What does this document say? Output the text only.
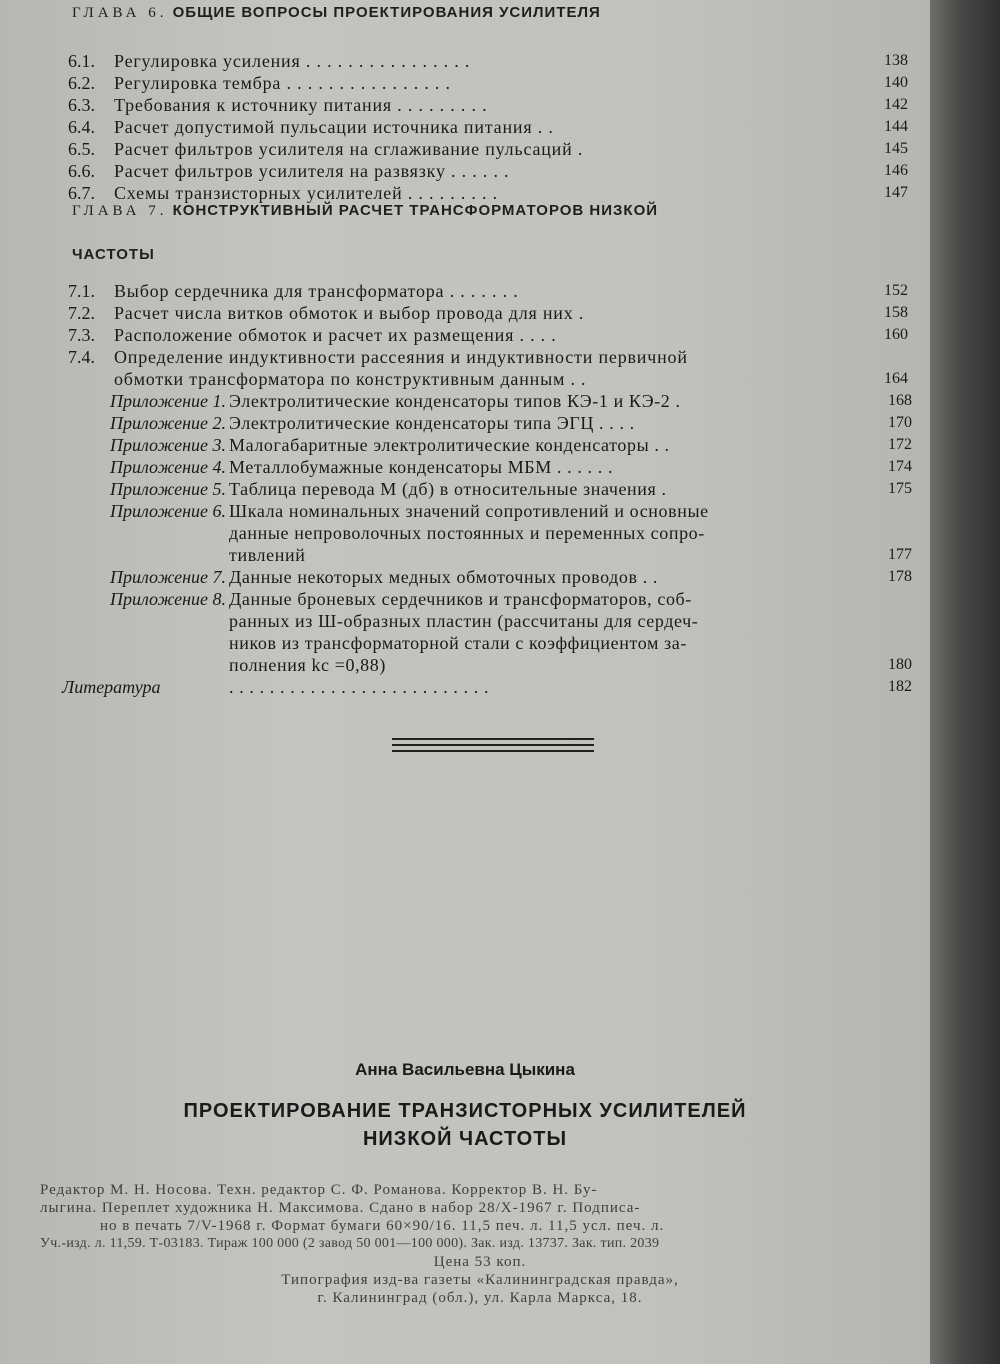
ГЛАВА 6. ОБЩИЕ ВОПРОСЫ ПРОЕКТИРОВАНИЯ УСИЛИТЕЛЯ
6.1.	Регулировка усиления . . . . . . . . . . . . . . . .	138
6.2.	Регулировка тембра . . . . . . . . . . . . . . . .	140
6.3.	Требования к источнику питания . . . . . . . . .	142
6.4.	Расчет допустимой пульсации источника питания . .	144
6.5.	Расчет фильтров усилителя на сглаживание пульсаций .	145
6.6.	Расчет фильтров усилителя на развязку . . . . . .	146
6.7.	Схемы транзисторных усилителей . . . . . . . . .	147
ГЛАВА 7. КОНСТРУКТИВНЫЙ РАСЧЕТ ТРАНСФОРМАТОРОВ НИЗКОЙ
ЧАСТОТЫ
7.1.	Выбор сердечника для трансформатора . . . . . . .	152
7.2.	Расчет числа витков обмоток и выбор провода для них .	158
7.3.	Расположение обмоток и расчет их размещения . . . .	160
7.4.	Определение индуктивности рассеяния и индуктивности первичной
обмотки трансформатора по конструктивным данным . .	164
Приложение 1. Электролитические конденсаторы типов КЭ-1 и КЭ-2 .	168
Приложение 2. Электролитические конденсаторы типа ЭГЦ . . . .	170
Приложение 3. Малогабаритные электролитические конденсаторы . .	172
Приложение 4. Металлобумажные конденсаторы МБМ . . . . . .	174
Приложение 5. Таблица перевода М (дб) в относительные значения .	175
Приложение 6. Шкала номинальных значений сопротивлений и основные
данные непроволочных постоянных и переменных сопро-
тивлений	177
Приложение 7. Данные некоторых медных обмоточных проводов . .	178
Приложение 8. Данные броневых сердечников и трансформаторов, соб-
ранных из Ш-образных пластин (рассчитаны для сердеч-
ников из трансформаторной стали с коэффициентом за-
полнения kc =0,88)	180
Литература	. . . . . . . . . . . . . . . . . . . . . . . . . .	182
Анна Васильевна Цыкина
ПРОЕКТИРОВАНИЕ ТРАНЗИСТОРНЫХ УСИЛИТЕЛЕЙ
НИЗКОЙ ЧАСТОТЫ
Редактор М. Н. Носова. Техн. редактор С. Ф. Романова. Корректор В. Н. Бу-
лыгина. Переплет художника Н. Максимова. Сдано в набор 28/X-1967 г. Подписа-
но в печать 7/V-1968 г. Формат бумаги 60×90/16. 11,5 печ. л. 11,5 усл. печ. л.
Уч.-изд. л. 11,59. Т-03183. Тираж 100 000 (2 завод 50 001—100 000). Зак. изд. 13737. Зак. тип. 2039
Цена 53 коп.
Типография изд-ва газеты «Калининградская правда»,
г. Калининград (обл.), ул. Карла Маркса, 18.
